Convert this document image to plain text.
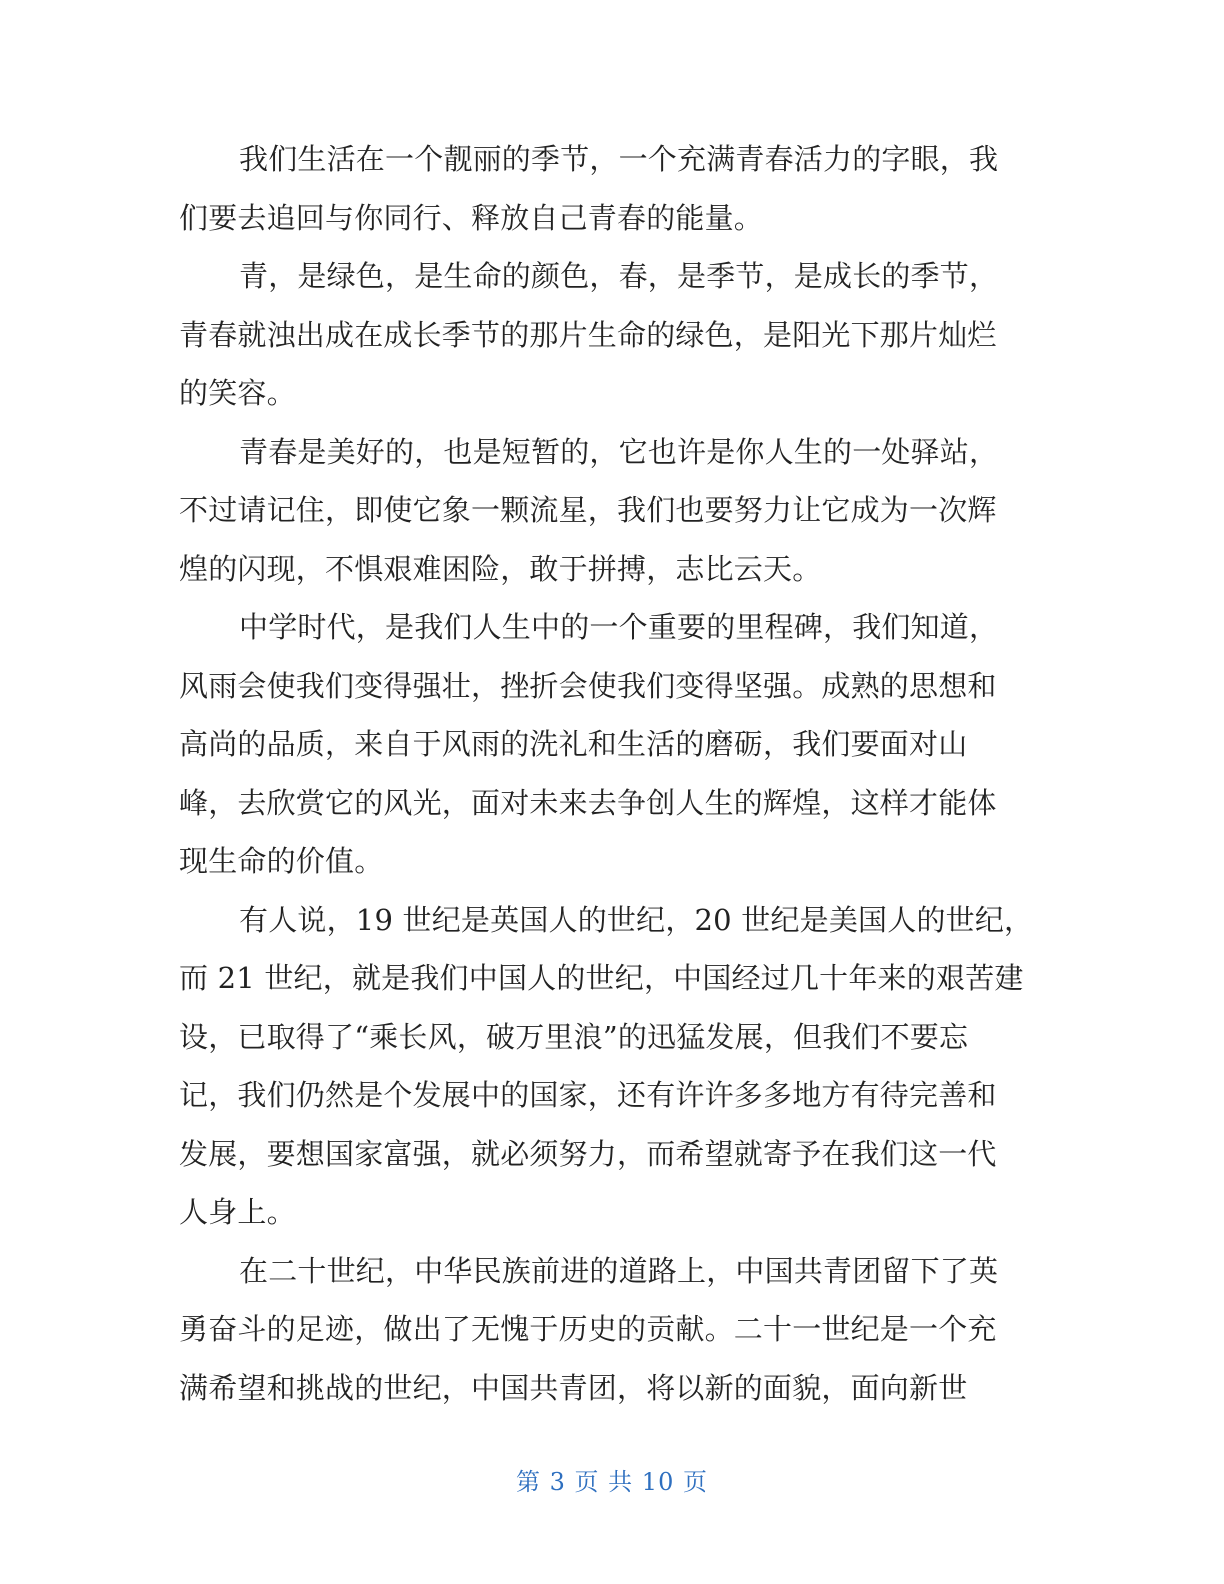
我们生活在一个靓丽的季节，一个充满青春活力的字眼，我
们要去追回与你同行、释放自己青春的能量。

青，是绿色，是生命的颜色，春，是季节，是成长的季节，
青春就浊出成在成长季节的那片生命的绿色，是阳光下那片灿烂
的笑容。

青春是美好的，也是短暂的，它也许是你人生的一处驿站，
不过请记住，即使它象一颗流星，我们也要努力让它成为一次辉
煌的闪现，不惧艰难困险，敢于拼搏，志比云天。

中学时代，是我们人生中的一个重要的里程碑，我们知道，
风雨会使我们变得强壮，挫折会使我们变得坚强。成熟的思想和
高尚的品质，来自于风雨的洗礼和生活的磨砺，我们要面对山
峰，去欣赏它的风光，面对未来去争创人生的辉煌，这样才能体
现生命的价值。

有人说，19 世纪是英国人的世纪，20 世纪是美国人的世纪，
而 21 世纪，就是我们中国人的世纪，中国经过几十年来的艰苦建
设，已取得了“乘长风，破万里浪”的迅猛发展，但我们不要忘
记，我们仍然是个发展中的国家，还有许许多多地方有待完善和
发展，要想国家富强，就必须努力，而希望就寄予在我们这一代
人身上。

在二十世纪，中华民族前进的道路上，中国共青团留下了英
勇奋斗的足迹，做出了无愧于历史的贡献。二十一世纪是一个充
满希望和挑战的世纪，中国共青团，将以新的面貌，面向新世

第 3 页 共 10 页
